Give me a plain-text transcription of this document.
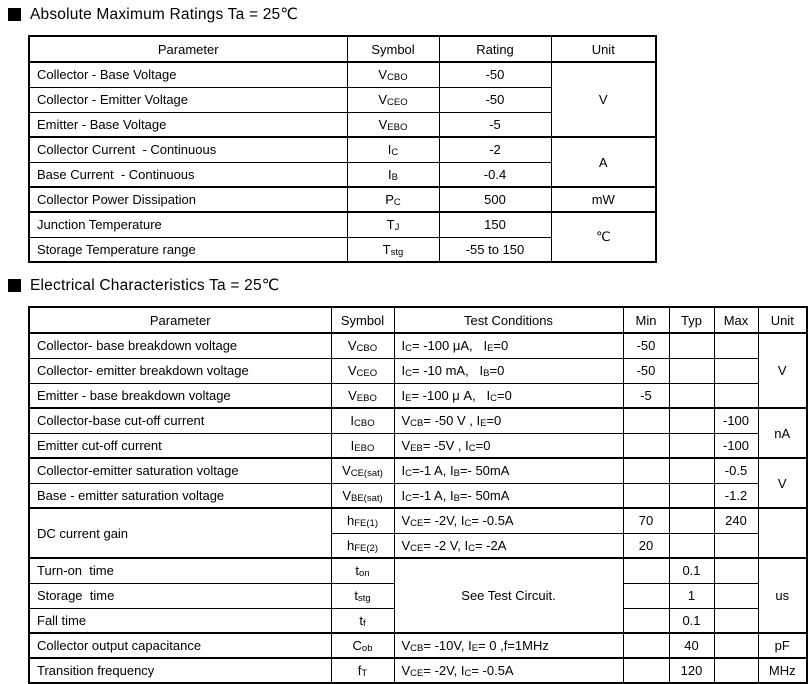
Absolute Maximum Ratings Ta = 25℃
Parameter	Symbol	Rating	Unit
Collector - Base Voltage	VCBO	-50	V
Collector - Emitter Voltage	VCEO	-50	
Emitter - Base Voltage	VEBO	-5	
Collector Current  - Continuous	IC	-2	A
Base Current  - Continuous	IB	-0.4	
Collector Power Dissipation	PC	500	mW
Junction Temperature	TJ	150	℃
Storage Temperature range	Tstg	-55 to 150	
Electrical Characteristics Ta = 25℃
Parameter	Symbol	Test Conditions	Min	Typ	Max	Unit
Collector- base breakdown voltage	VCBO	IC= -100 μA,   IE=0	-50			V
Collector- emitter breakdown voltage	VCEO	IC= -10 mA,   IB=0	-50			
Emitter - base breakdown voltage	VEBO	IE= -100 μ A,   IC=0	-5			
Collector-base cut-off current	ICBO	VCB= -50 V , IE=0			-100	nA
Emitter cut-off current	IEBO	VEB= -5V , IC=0			-100	
Collector-emitter saturation voltage	VCE(sat)	IC=-1 A, IB=- 50mA			-0.5	V
Base - emitter saturation voltage	VBE(sat)	IC=-1 A, IB=- 50mA			-1.2	
DC current gain	hFE(1)	VCE= -2V, IC= -0.5A	70		240	
	hFE(2)	VCE= -2 V, IC= -2A	20			
Turn-on  time	ton	See Test Circuit.		0.1		us
Storage  time	tstg			1		
Fall time	tf			0.1		
Collector output capacitance	Cob	VCB= -10V, IE= 0 ,f=1MHz		40		pF
Transition frequency	fT	VCE= -2V, IC= -0.5A		120		MHz
